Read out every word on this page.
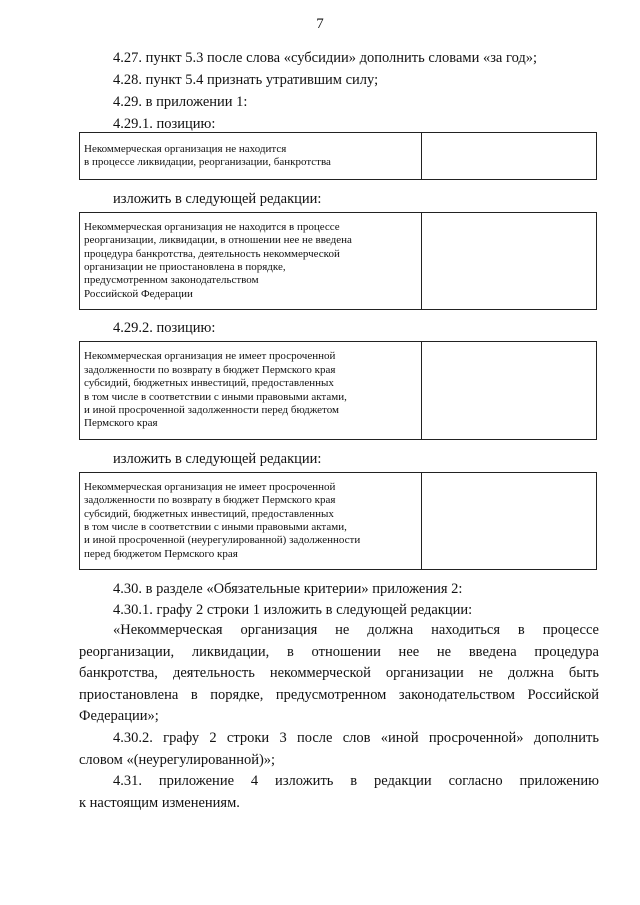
7
4.27. пункт 5.3 после слова «субсидии» дополнить словами «за год»;
4.28. пункт 5.4 признать утратившим силу;
4.29. в приложении 1:
4.29.1. позицию:
Некоммерческая организация не находится
в процессе ликвидации, реорганизации, банкротства
изложить в следующей редакции:
Некоммерческая организация не находится в процессе
реорганизации, ликвидации, в отношении нее не введена
процедура банкротства, деятельность некоммерческой
организации не приостановлена в порядке,
предусмотренном законодательством
Российской Федерации
4.29.2. позицию:
Некоммерческая организация не имеет просроченной
задолженности по возврату в бюджет Пермского края
субсидий, бюджетных инвестиций, предоставленных
в том числе в соответствии с иными правовыми актами,
и иной просроченной задолженности перед бюджетом
Пермского края
изложить в следующей редакции:
Некоммерческая организация не имеет просроченной
задолженности по возврату в бюджет Пермского края
субсидий, бюджетных инвестиций, предоставленных
в том числе в соответствии с иными правовыми актами,
и иной просроченной (неурегулированной) задолженности
перед бюджетом Пермского края
4.30. в разделе «Обязательные критерии» приложения 2:
4.30.1. графу 2 строки 1 изложить в следующей редакции:
«Некоммерческая организация не должна находиться в процессе
реорганизации, ликвидации, в отношении нее не введена процедура
банкротства, деятельность некоммерческой организации не должна быть
приостановлена в порядке, предусмотренном законодательством Российской
Федерации»;
4.30.2. графу 2 строки 3 после слов «иной просроченной» дополнить
словом «(неурегулированной)»;
4.31. приложение 4 изложить в редакции согласно приложению
к настоящим изменениям.
